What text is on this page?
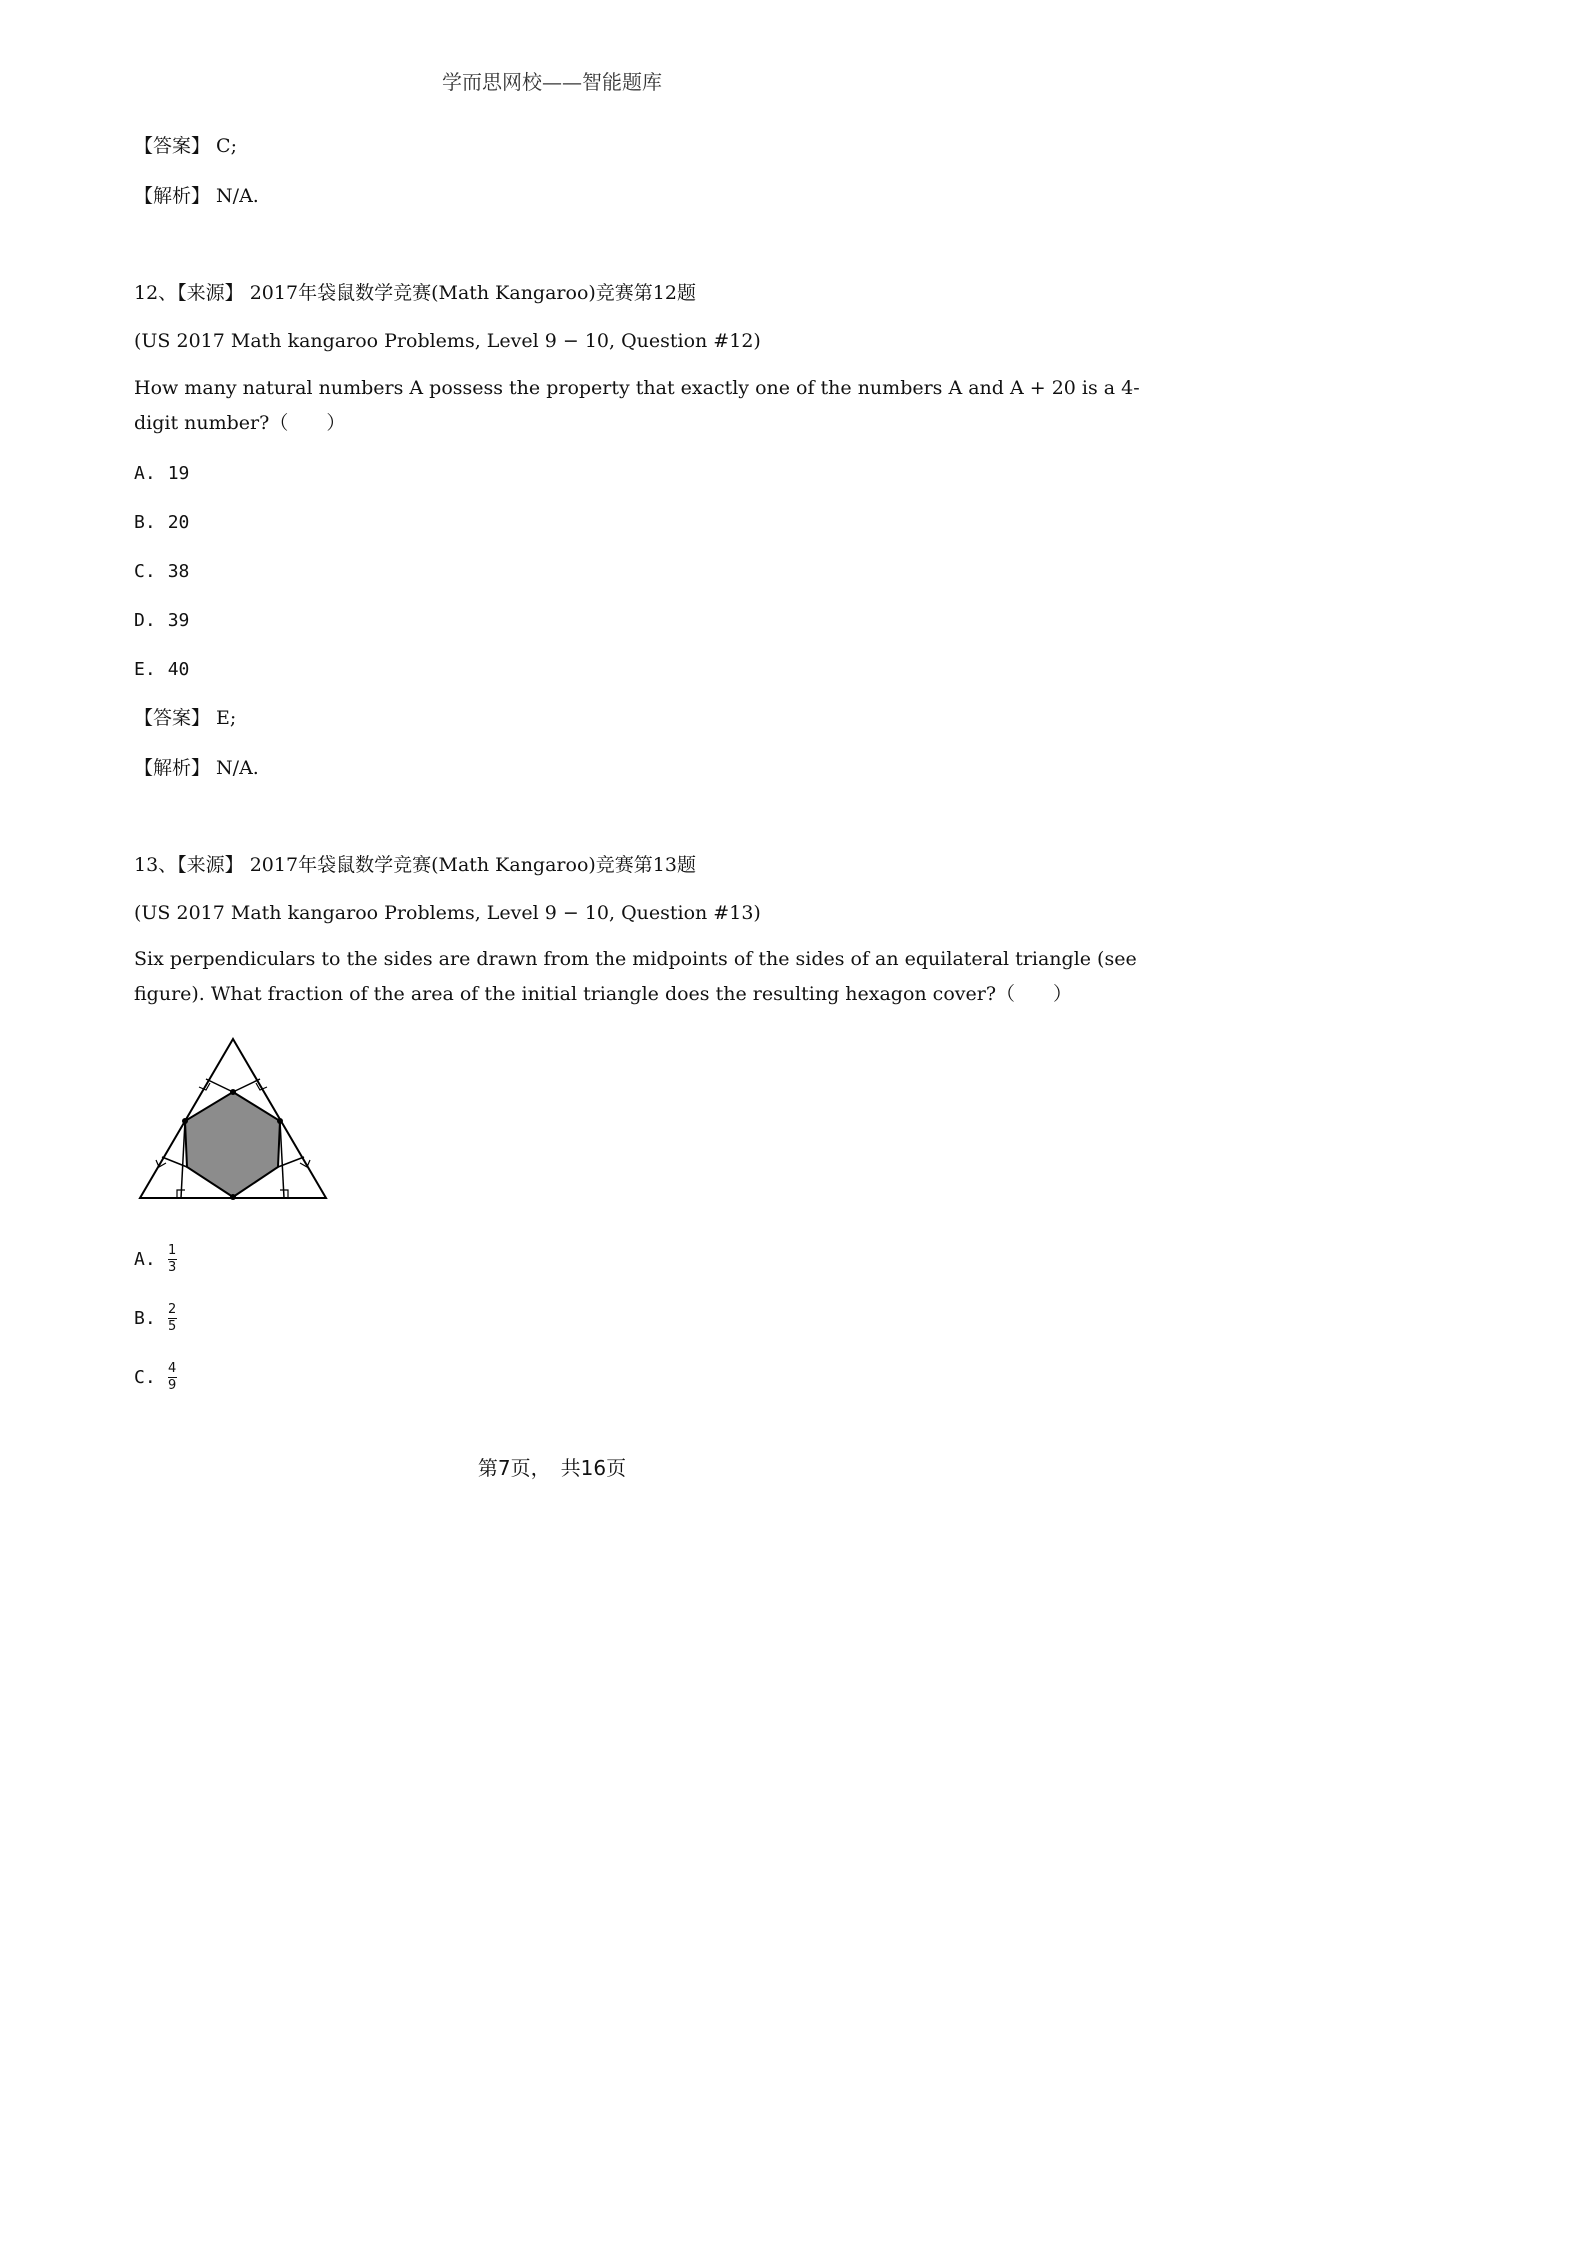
学而思网校——智能题库
【答案】 C;
【解析】 N/A.
12、【来源】 2017年袋鼠数学竞赛(Math Kangaroo)竞赛第12题
(US 2017 Math kangaroo Problems, Level 9 − 10, Question #12)
How many natural numbers A possess the property that exactly one of the numbers A and A + 20 is a 4-
digit number?（　　）
A. 19
B. 20
C. 38
D. 39
E. 40
【答案】 E;
【解析】 N/A.
13、【来源】 2017年袋鼠数学竞赛(Math Kangaroo)竞赛第13题
(US 2017 Math kangaroo Problems, Level 9 − 10, Question #13)
Six perpendiculars to the sides are drawn from the midpoints of the sides of an equilateral triangle (see
figure). What fraction of the area of the initial triangle does the resulting hexagon cover?（　　）
A. $\frac{1}{3}$
B. $\frac{2}{5}$
C. $\frac{4}{9}$
第7页，　共16页
